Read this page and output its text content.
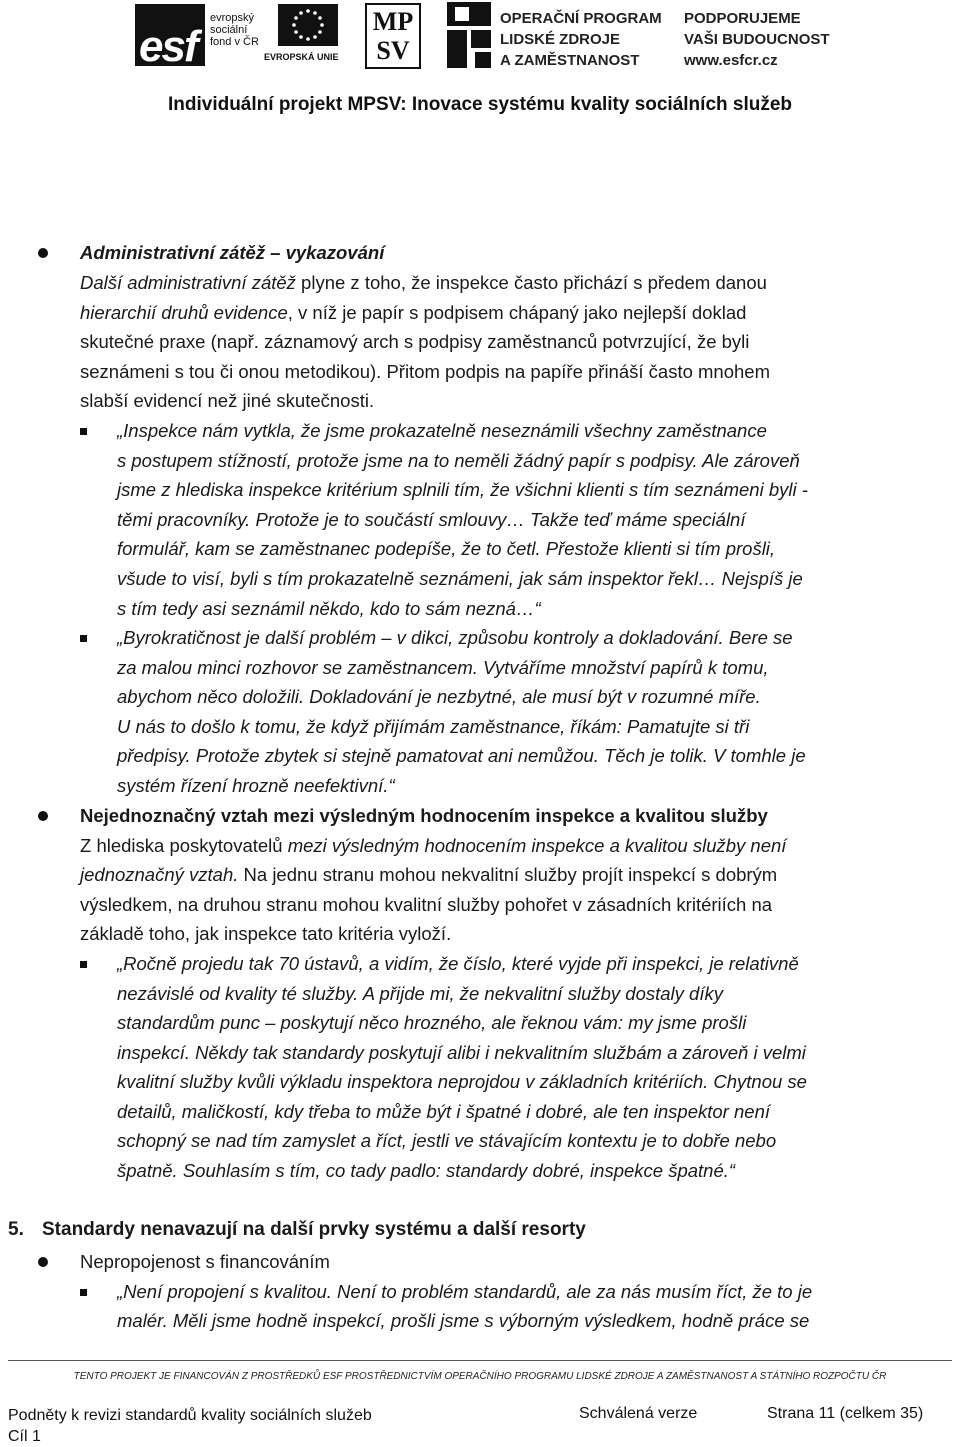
esf
evropský
sociální
fond v ČR
EVROPSKÁ UNIE
MP
SV
OPERAČNÍ PROGRAM
LIDSKÉ ZDROJE
A ZAMĚSTNANOST
PODPORUJEME
VAŠI BUDOUCNOST
www.esfcr.cz
Individuální projekt MPSV: Inovace systému kvality sociálních služeb
Administrativní zátěž – vykazování
Další administrativní zátěž plyne z toho, že inspekce často přichází s předem danou
hierarchií druhů evidence, v níž je papír s podpisem chápaný jako nejlepší doklad
skutečné praxe (např. záznamový arch s podpisy zaměstnanců potvrzující, že byli
seznámeni s tou či onou metodikou). Přitom podpis na papíře přináší často mnohem
slabší evidencí než jiné skutečnosti.
„Inspekce nám vytkla, že jsme prokazatelně neseznámili všechny zaměstnance
s postupem stížností, protože jsme na to neměli žádný papír s podpisy. Ale zároveň
jsme z hlediska inspekce kritérium splnili tím, že všichni klienti s tím seznámeni byli -
těmi pracovníky. Protože je to součástí smlouvy… Takže teď máme speciální
formulář, kam se zaměstnanec podepíše, že to četl. Přestože klienti si tím prošli,
všude to visí, byli s tím prokazatelně seznámeni, jak sám inspektor řekl… Nejspíš je
s tím tedy asi seznámil někdo, kdo to sám nezná…“
„Byrokratičnost je další problém – v dikci, způsobu kontroly a dokladování. Bere se
za malou minci rozhovor se zaměstnancem. Vytváříme množství papírů k tomu,
abychom něco doložili. Dokladování je nezbytné, ale musí být v rozumné míře.
U nás to došlo k tomu, že když přijímám zaměstnance, říkám: Pamatujte si tři
předpisy. Protože zbytek si stejně pamatovat ani nemůžou. Těch je tolik. V tomhle je
systém řízení hrozně neefektivní.“
Nejednoznačný vztah mezi výsledným hodnocením inspekce a kvalitou služby
Z hlediska poskytovatelů mezi výsledným hodnocením inspekce a kvalitou služby není
jednoznačný vztah. Na jednu stranu mohou nekvalitní služby projít inspekcí s dobrým
výsledkem, na druhou stranu mohou kvalitní služby pohořet v zásadních kritériích na
základě toho, jak inspekce tato kritéria vyloží.
„Ročně projedu tak 70 ústavů, a vidím, že číslo, které vyjde při inspekci, je relativně
nezávislé od kvality té služby. A přijde mi, že nekvalitní služby dostaly díky
standardům punc – poskytují něco hrozného, ale řeknou vám: my jsme prošli
inspekcí. Někdy tak standardy poskytují alibi i nekvalitním službám a zároveň i velmi
kvalitní služby kvůli výkladu inspektora neprojdou v základních kritériích. Chytnou se
detailů, maličkostí, kdy třeba to může být i špatné i dobré, ale ten inspektor není
schopný se nad tím zamyslet a říct, jestli ve stávajícím kontextu je to dobře nebo
špatně. Souhlasím s tím, co tady padlo: standardy dobré, inspekce špatné.“
5. Standardy nenavazují na další prvky systému a další resorty
Nepropojenost s financováním
„Není propojení s kvalitou. Není to problém standardů, ale za nás musím říct, že to je
malér. Měli jsme hodně inspekcí, prošli jsme s výborným výsledkem, hodně práce se
TENTO PROJEKT JE FINANCOVÁN Z PROSTŘEDKŮ ESF PROSTŘEDNICTVÍM OPERAČNÍHO PROGRAMU LIDSKÉ ZDROJE A ZAMĚSTNANOST A STÁTNÍHO ROZPOČTU ČR
Podněty k revizi standardů kvality sociálních služeb
Cíl 1
Schválená verze	Strana 11 (celkem 35)
